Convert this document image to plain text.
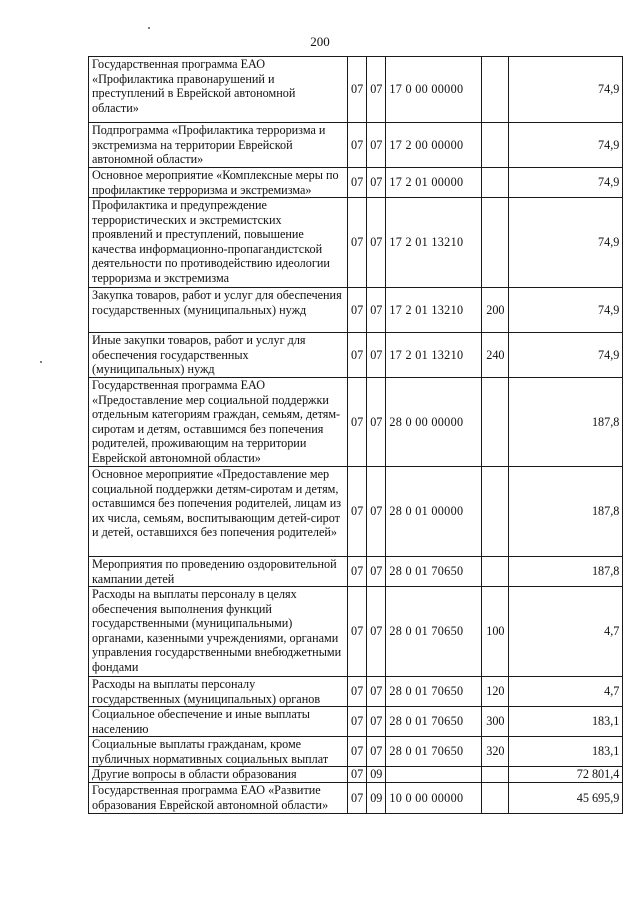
200
Государственная программа ЕАО «Профилактика правонарушений и преступлений в Еврейской автономной области»	07	07	17 0 00 00000		74,9
Подпрограмма «Профилактика терроризма и экстремизма на территории Еврейской автономной области»	07	07	17 2 00 00000		74,9
Основное мероприятие «Комплексные меры по профилактике терроризма и экстремизма»	07	07	17 2 01 00000		74,9
Профилактика и предупреждение террористических и экстремистских проявлений и преступлений, повышение качества информационно-пропагандистской деятельности по противодействию идеологии терроризма и экстремизма	07	07	17 2 01 13210		74,9
Закупка товаров, работ и услуг для обеспечения государственных (муниципальных) нужд	07	07	17 2 01 13210	200	74,9
Иные закупки товаров, работ и услуг для обеспечения государственных (муниципальных) нужд	07	07	17 2 01 13210	240	74,9
Государственная программа ЕАО «Предоставление мер социальной поддержки отдельным категориям граждан, семьям, детям-сиротам и детям, оставшимся без попечения родителей, проживающим на территории Еврейской автономной области»	07	07	28 0 00 00000		187,8
Основное мероприятие «Предоставление мер социальной поддержки детям-сиротам и детям, оставшимся без попечения родителей, лицам из их числа, семьям, воспитывающим детей-сирот и детей, оставшихся без попечения родителей»	07	07	28 0 01 00000		187,8
Мероприятия по проведению оздоровительной кампании детей	07	07	28 0 01 70650		187,8
Расходы на выплаты персоналу в целях обеспечения выполнения функций государственными (муниципальными) органами, казенными учреждениями, органами управления государственными внебюджетными фондами	07	07	28 0 01 70650	100	4,7
Расходы на выплаты персоналу государственных (муниципальных) органов	07	07	28 0 01 70650	120	4,7
Социальное обеспечение и иные выплаты населению	07	07	28 0 01 70650	300	183,1
Социальные выплаты гражданам, кроме публичных нормативных социальных выплат	07	07	28 0 01 70650	320	183,1
Другие вопросы в области образования	07	09			72 801,4
Государственная программа ЕАО «Развитие образования Еврейской автономной области»	07	09	10 0 00 00000		45 695,9
